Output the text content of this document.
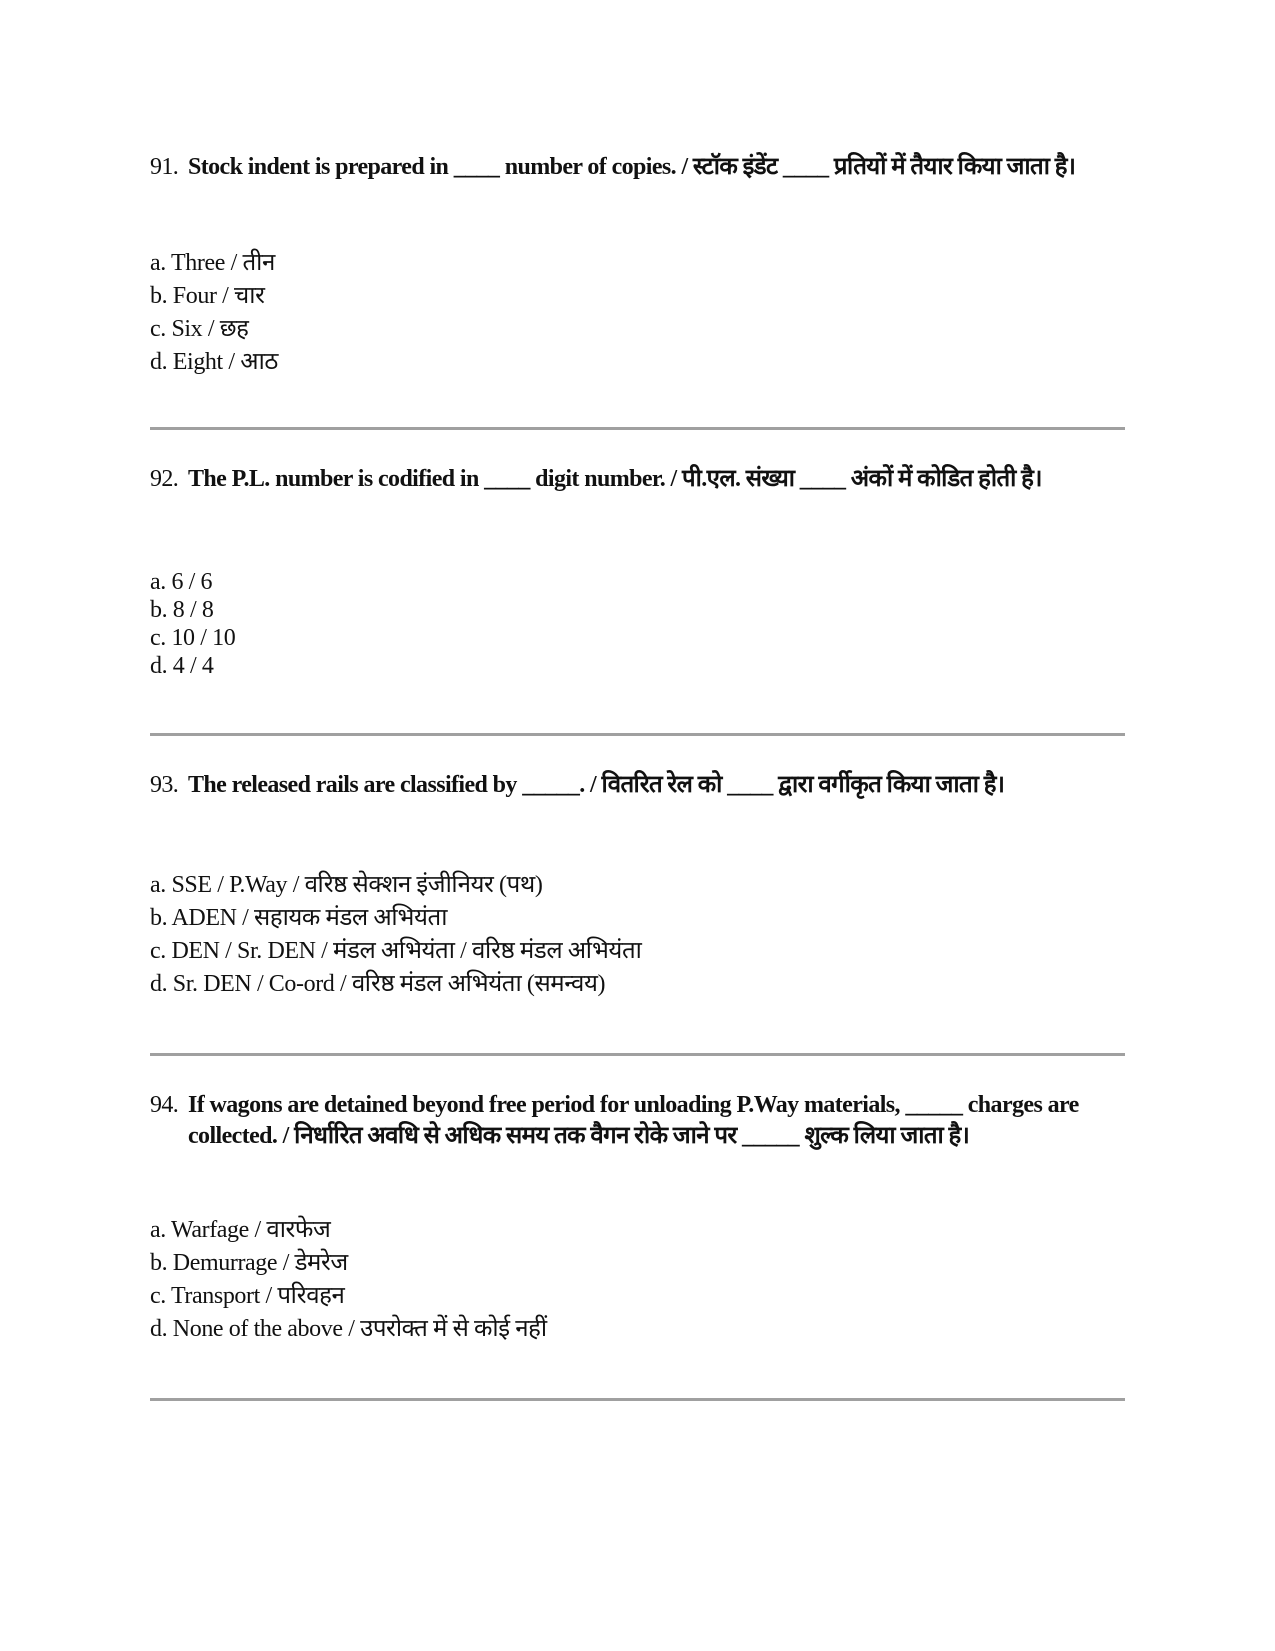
91. Stock indent is prepared in ____ number of copies. / स्टॉक इंडेंट ____ प्रतियों में तैयार किया जाता है।
a. Three / तीन
b. Four / चार
c. Six / छह
d. Eight / आठ
92. The P.L. number is codified in ____ digit number. / पी.एल. संख्या ____ अंकों में कोडित होती है।
a. 6 / 6
b. 8 / 8
c. 10 / 10
d. 4 / 4
93. The released rails are classified by _____. / वितरित रेल को ____ द्वारा वर्गीकृत किया जाता है।
a. SSE / P.Way / वरिष्ठ सेक्शन इंजीनियर (पथ)
b. ADEN / सहायक मंडल अभियंता
c. DEN / Sr. DEN / मंडल अभियंता / वरिष्ठ मंडल अभियंता
d. Sr. DEN / Co-ord / वरिष्ठ मंडल अभियंता (समन्वय)
94. If wagons are detained beyond free period for unloading P.Way materials, _____ charges are collected. / निर्धारित अवधि से अधिक समय तक वैगन रोके जाने पर _____ शुल्क लिया जाता है।
a. Warfage / वारफेज
b. Demurrage / डेमरेज
c. Transport / परिवहन
d. None of the above / उपरोक्त में से कोई नहीं
